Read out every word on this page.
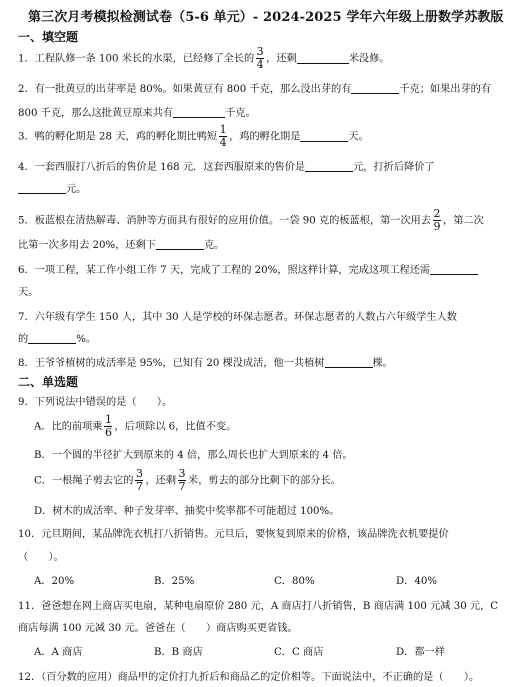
第三次月考模拟检测试卷（5-6 单元）- 2024-2025 学年六年级上册数学苏教版
一、填空题
1．工程队修一条 100 米长的水渠，已经修了全长的 $\frac{3}{4}$ ，还剩	米没修。
2．有一批黄豆的出芽率是 80%。如果黄豆有 800 千克，那么没出芽的有	千克；如果出芽的有
800 千克，那么这批黄豆原来共有	千克。
3．鸭的孵化期是 28 天，鸡的孵化期比鸭短 $\frac{1}{4}$ ，鸡的孵化期是	天。
4．一套西服打八折后的售价是 168 元．这套西服原来的售价是	元，打折后降价了
元。
5．板蓝根在清热解毒、消肿等方面具有很好的应用价值。一袋 90 克的板蓝根，第一次用去 $\frac{2}{9}$ ，第二次
比第一次多用去 20%，还剩下	克。
6．一项工程，某工作小组工作 7 天，完成了工程的 20%，照这样计算，完成这项工程还需
天。
7．六年级有学生 150 人，其中 30 人是学校的环保志愿者。环保志愿者的人数占六年级学生人数
的	%。
8．王爷爷植树的成活率是 95%，已知有 20 棵没成活，他一共植树	棵。
二、单选题
9．下列说法中错误的是（　　）。
A．比的前项乘 $\frac{1}{6}$ ，后项除以 6，比值不变。
B．一个圆的半径扩大到原来的 4 倍，那么周长也扩大到原来的 4 倍。
C．一根绳子剪去它的 $\frac{3}{7}$ ，还剩 $\frac{3}{7}$ 米，剪去的部分比剩下的部分长。
D．树木的成活率、种子发芽率、抽奖中奖率都不可能超过 100%。
10．元旦期间，某品牌洗衣机打八折销售。元旦后，要恢复到原来的价格，该品牌洗衣机要提价
（　　）。
A．20%	B．25%	C．80%	D．40%
11．爸爸想在网上商店买电扇，某种电扇原价 280 元，A 商店打八折销售，B 商店满 100 元减 30 元，C
商店每满 100 元减 30 元。爸爸在（　　）商店购买更省钱。
A．A 商店	B．B 商店	C．C 商店	D．都一样
12．（百分数的应用）商品甲的定价打九折后和商品乙的定价相等。下面说法中，不正确的是（　　）。
